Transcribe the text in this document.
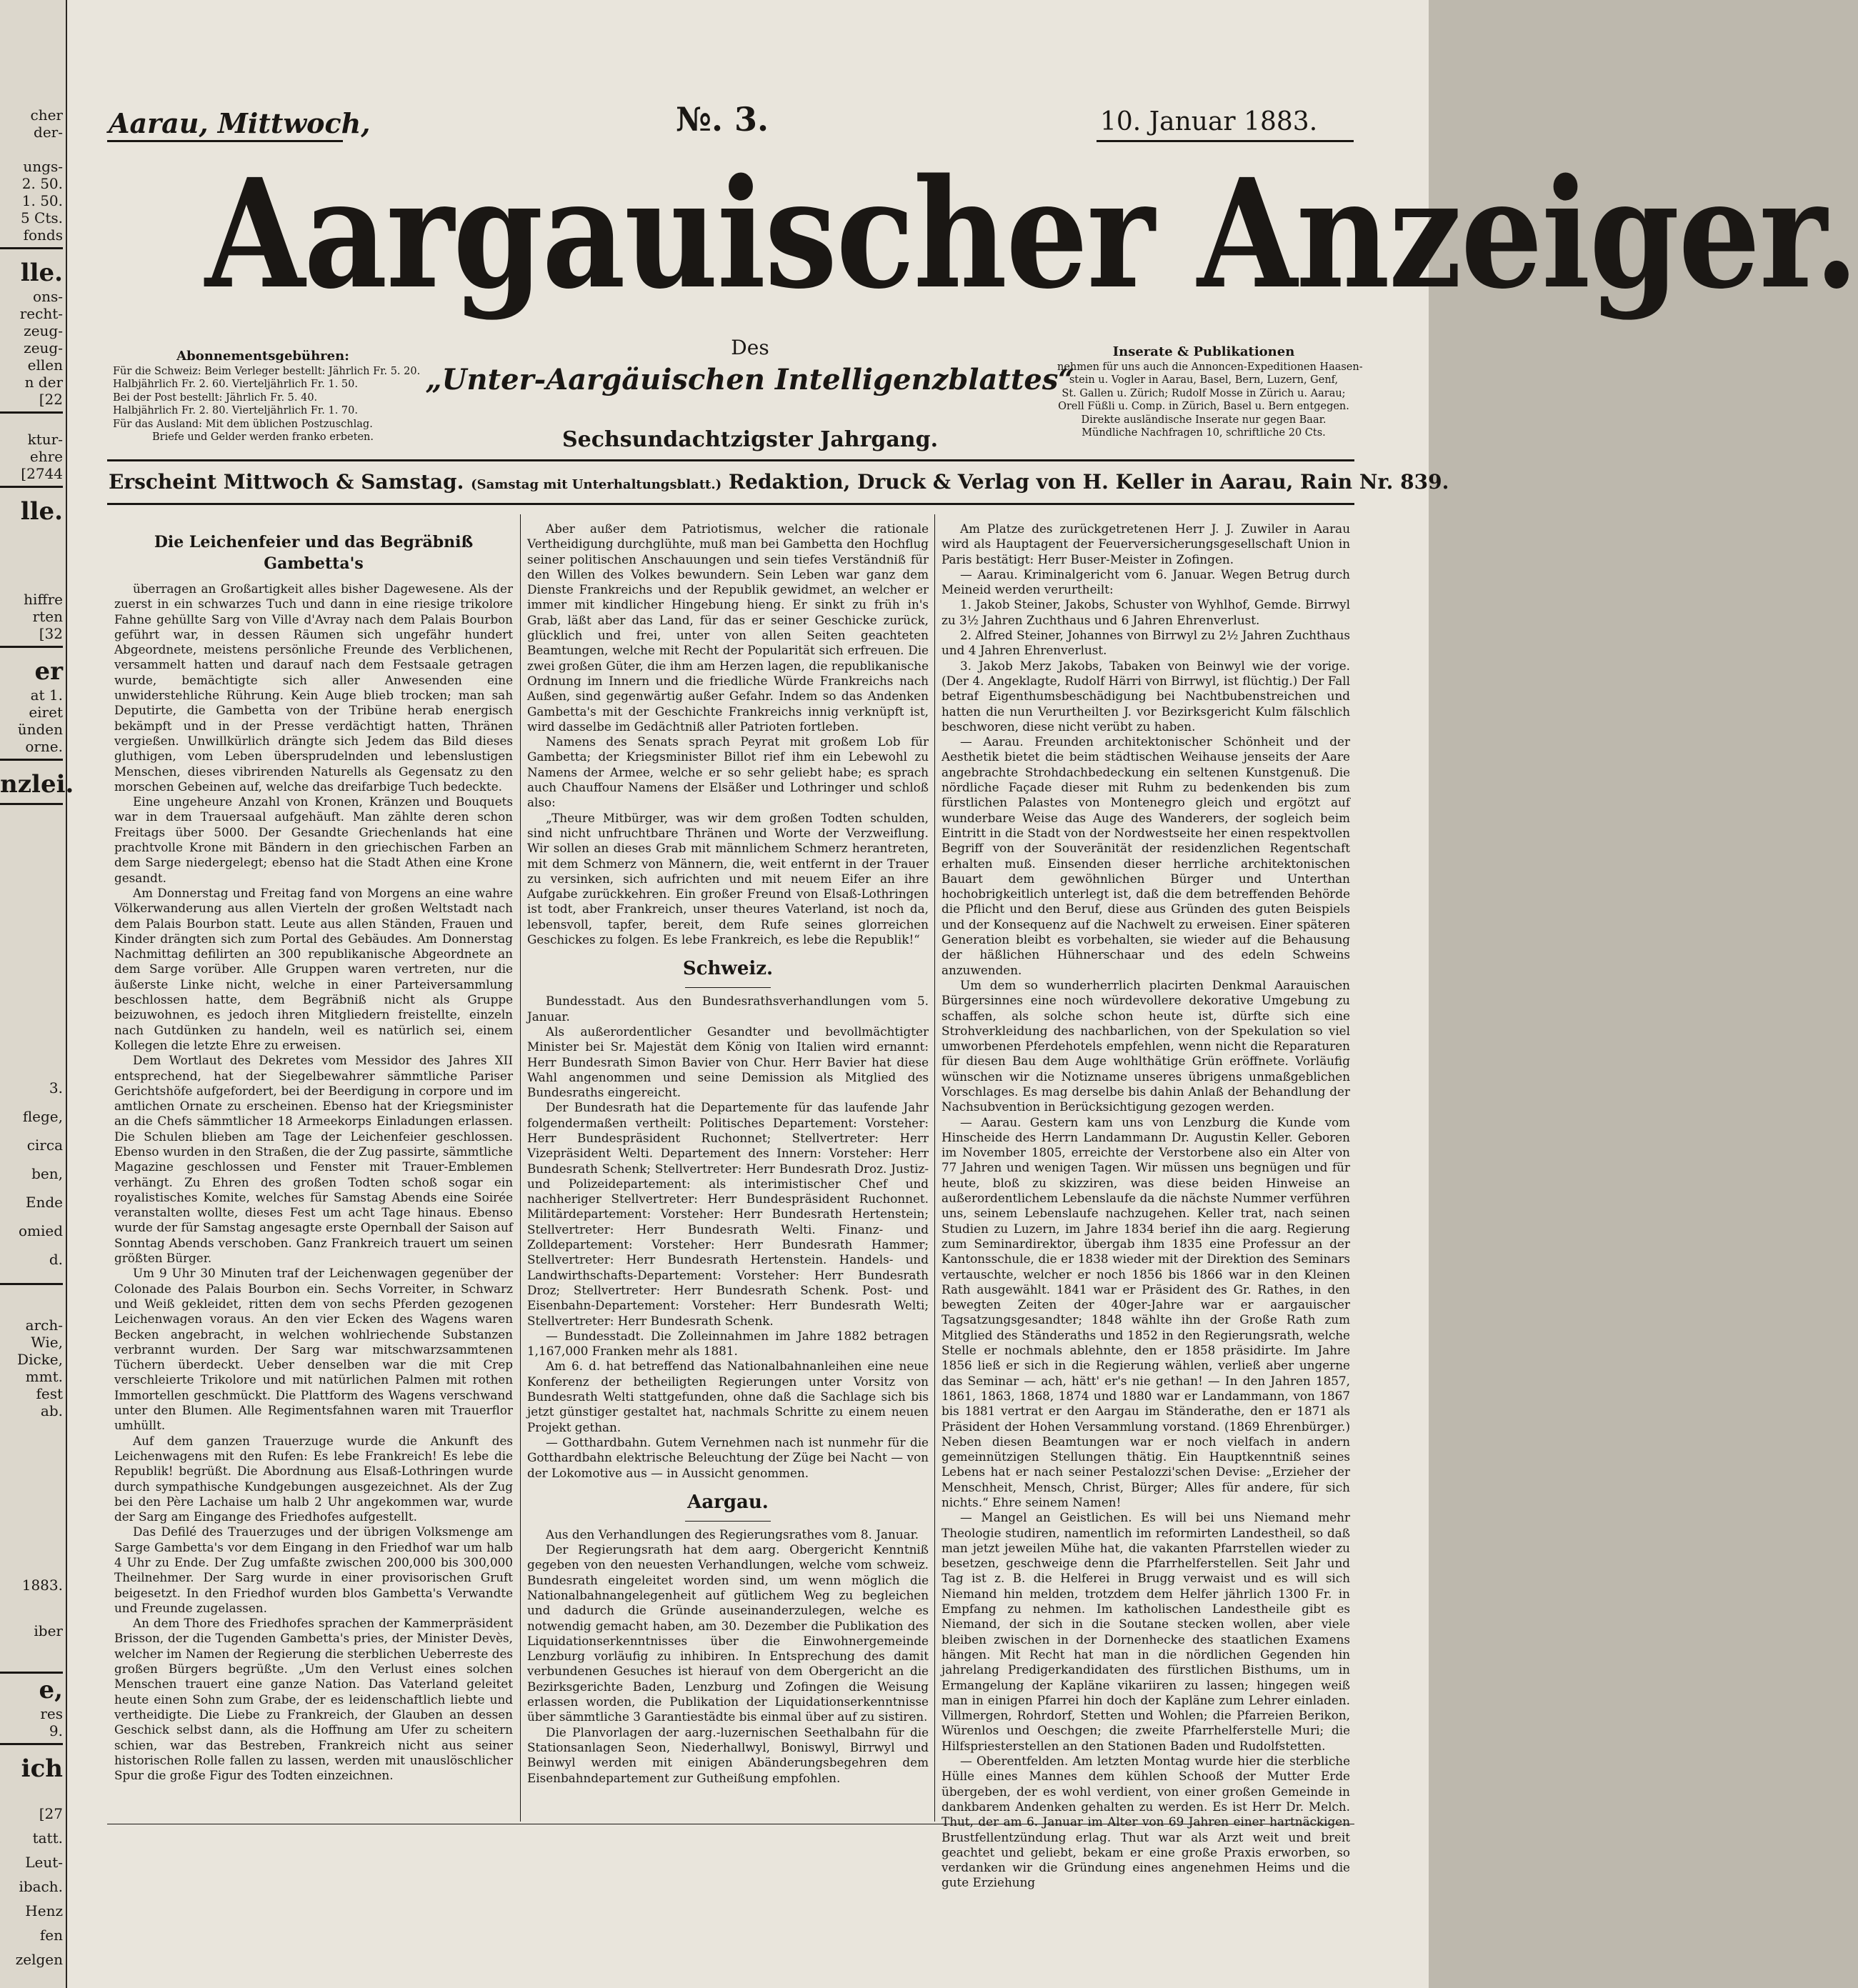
cher
der-
ungs-
2. 50.
1. 50.
5 Cts.
fonds
lle.
ons-
recht-
zeug-
zeug-
ellen
n der
[22
ktur-
ehre
[2744
lle.
hiffre
rten
[32
er
at 1.
eiret
ünden
orne.
nzlei.
3.
flege,
circa
ben,
Ende
omied
d.
arch-
Wie,
Dicke,
mmt.
fest
ab.
1883.
iber
e,
res
9.
ich
[27
tatt.
Leut-
ibach.
Henz
fen
zelgen
Aarau, Mittwoch,	№. 3.	10. Januar 1883.
Aargauischer Anzeiger.
Abonnementsgebühren:
Für die Schweiz: Beim Verleger bestellt: Jährlich Fr. 5. 20.
Halbjährlich Fr. 2. 60. Vierteljährlich Fr. 1. 50.
Bei der Post bestellt: Jährlich Fr. 5. 40.
Halbjährlich Fr. 2. 80. Vierteljährlich Fr. 1. 70.
Für das Ausland: Mit dem üblichen Postzuschlag.
Briefe und Gelder werden franko erbeten.
Des
„Unter-Aargäuischen Intelligenzblattes“
Sechsundachtzigster Jahrgang.
Inserate & Publikationen
nehmen für uns auch die Annoncen-Expeditionen Haasen-
stein u. Vogler in Aarau, Basel, Bern, Luzern, Genf,
St. Gallen u. Zürich; Rudolf Mosse in Zürich u. Aarau;
Orell Füßli u. Comp. in Zürich, Basel u. Bern entgegen.
Direkte ausländische Inserate nur gegen Baar.
Mündliche Nachfragen 10, schriftliche 20 Cts.
Erscheint Mittwoch & Samstag. (Samstag mit Unterhaltungsblatt.) Redaktion, Druck & Verlag von H. Keller in Aarau, Rain Nr. 839.
Die Leichenfeier und das Begräbniß Gambetta's

überragen an Großartigkeit alles bisher Dagewesene. Als der zuerst in ein schwarzes Tuch und dann in eine riesige trikolore Fahne gehüllte Sarg von Ville d'Avray nach dem Palais Bourbon geführt war, in dessen Räumen sich ungefähr hundert Abgeordnete, meistens persönliche Freunde des Verblichenen, versammelt hatten und darauf nach dem Festsaale getragen wurde, bemächtigte sich aller Anwesenden eine unwiderstehliche Rührung. Kein Auge blieb trocken; man sah Deputirte, die Gambetta von der Tribüne herab energisch bekämpft und in der Presse verdächtigt hatten, Thränen vergießen. Unwillkürlich drängte sich Jedem das Bild dieses gluthigen, vom Leben übersprudelnden und lebenslustigen Menschen, dieses vibrirenden Naturells als Gegensatz zu den morschen Gebeinen auf, welche das dreifarbige Tuch bedeckte.

Eine ungeheure Anzahl von Kronen, Kränzen und Bouquets war in dem Trauersaal aufgehäuft. Man zählte deren schon Freitags über 5000. Der Gesandte Griechenlands hat eine prachtvolle Krone mit Bändern in den griechischen Farben an dem Sarge niedergelegt; ebenso hat die Stadt Athen eine Krone gesandt.

Am Donnerstag und Freitag fand von Morgens an eine wahre Völkerwanderung aus allen Vierteln der großen Weltstadt nach dem Palais Bourbon statt. Leute aus allen Ständen, Frauen und Kinder drängten sich zum Portal des Gebäudes. Am Donnerstag Nachmittag defilirten an 300 republikanische Abgeordnete an dem Sarge vorüber. Alle Gruppen waren vertreten, nur die äußerste Linke nicht, welche in einer Parteiversammlung beschlossen hatte, dem Begräbniß nicht als Gruppe beizuwohnen, es jedoch ihren Mitgliedern freistellte, einzeln nach Gutdünken zu handeln, weil es natürlich sei, einem Kollegen die letzte Ehre zu erweisen.

Dem Wortlaut des Dekretes vom Messidor des Jahres XII entsprechend, hat der Siegelbewahrer sämmtliche Pariser Gerichtshöfe aufgefordert, bei der Beerdigung in corpore und im amtlichen Ornate zu erscheinen. Ebenso hat der Kriegsminister an die Chefs sämmtlicher 18 Armeekorps Einladungen erlassen. Die Schulen blieben am Tage der Leichenfeier geschlossen. Ebenso wurden in den Straßen, die der Zug passirte, sämmtliche Magazine geschlossen und Fenster mit Trauer-Emblemen verhängt. Zu Ehren des großen Todten schoß sogar ein royalistisches Komite, welches für Samstag Abends eine Soirée veranstalten wollte, dieses Fest um acht Tage hinaus. Ebenso wurde der für Samstag angesagte erste Opernball der Saison auf Sonntag Abends verschoben. Ganz Frankreich trauert um seinen größten Bürger.

Um 9 Uhr 30 Minuten traf der Leichenwagen gegenüber der Colonade des Palais Bourbon ein. Sechs Vorreiter, in Schwarz und Weiß gekleidet, ritten dem von sechs Pferden gezogenen Leichenwagen voraus. An den vier Ecken des Wagens waren Becken angebracht, in welchen wohlriechende Substanzen verbrannt wurden. Der Sarg war mitschwarzsammtenen Tüchern überdeckt. Ueber denselben war die mit Crep verschleierte Trikolore und mit natürlichen Palmen mit rothen Immortellen geschmückt. Die Plattform des Wagens verschwand unter den Blumen. Alle Regimentsfahnen waren mit Trauerflor umhüllt.

Auf dem ganzen Trauerzuge wurde die Ankunft des Leichenwagens mit den Rufen: Es lebe Frankreich! Es lebe die Republik! begrüßt. Die Abordnung aus Elsaß-Lothringen wurde durch sympathische Kundgebungen ausgezeichnet. Als der Zug bei den Père Lachaise um halb 2 Uhr angekommen war, wurde der Sarg am Eingange des Friedhofes aufgestellt.

Das Defilé des Trauerzuges und der übrigen Volksmenge am Sarge Gambetta's vor dem Eingang in den Friedhof war um halb 4 Uhr zu Ende. Der Zug umfaßte zwischen 200,000 bis 300,000 Theilnehmer. Der Sarg wurde in einer provisorischen Gruft beigesetzt. In den Friedhof wurden blos Gambetta's Verwandte und Freunde zugelassen.

An dem Thore des Friedhofes sprachen der Kammerpräsident Brisson, der die Tugenden Gambetta's pries, der Minister Devès, welcher im Namen der Regierung die sterblichen Ueberreste des großen Bürgers begrüßte. „Um den Verlust eines solchen Menschen trauert eine ganze Nation. Das Vaterland geleitet heute einen Sohn zum Grabe, der es leidenschaftlich liebte und vertheidigte. Die Liebe zu Frankreich, der Glauben an dessen Geschick selbst dann, als die Hoffnung am Ufer zu scheitern schien, war das Bestreben, Frankreich nicht aus seiner historischen Rolle fallen zu lassen, werden mit unauslöschlicher Spur die große Figur des Todten einzeichnen.

Aber außer dem Patriotismus, welcher die rationale Vertheidigung durchglühte, muß man bei Gambetta den Hochflug seiner politischen Anschauungen und sein tiefes Verständniß für den Willen des Volkes bewundern. Sein Leben war ganz dem Dienste Frankreichs und der Republik gewidmet, an welcher er immer mit kindlicher Hingebung hieng. Er sinkt zu früh in's Grab, läßt aber das Land, für das er seiner Geschicke zurück, glücklich und frei, unter von allen Seiten geachteten Beamtungen, welche mit Recht der Popularität sich erfreuen. Die zwei großen Güter, die ihm am Herzen lagen, die republikanische Ordnung im Innern und die friedliche Würde Frankreichs nach Außen, sind gegenwärtig außer Gefahr. Indem so das Andenken Gambetta's mit der Geschichte Frankreichs innig verknüpft ist, wird dasselbe im Gedächtniß aller Patrioten fortleben.

Namens des Senats sprach Peyrat mit großem Lob für Gambetta; der Kriegsminister Billot rief ihm ein Lebewohl zu Namens der Armee, welche er so sehr geliebt habe; es sprach auch Chauffour Namens der Elsäßer und Lothringer und schloß also:

„Theure Mitbürger, was wir dem großen Todten schulden, sind nicht unfruchtbare Thränen und Worte der Verzweiflung. Wir sollen an dieses Grab mit männlichem Schmerz herantreten, mit dem Schmerz von Männern, die, weit entfernt in der Trauer zu versinken, sich aufrichten und mit neuem Eifer an ihre Aufgabe zurückkehren. Ein großer Freund von Elsaß-Lothringen ist todt, aber Frankreich, unser theures Vaterland, ist noch da, lebensvoll, tapfer, bereit, dem Rufe seines glorreichen Geschickes zu folgen. Es lebe Frankreich, es lebe die Republik!“

Schweiz.

Bundesstadt. Aus den Bundesrathsverhandlungen vom 5. Januar.

Als außerordentlicher Gesandter und bevollmächtigter Minister bei Sr. Majestät dem König von Italien wird ernannt: Herr Bundesrath Simon Bavier von Chur. Herr Bavier hat diese Wahl angenommen und seine Demission als Mitglied des Bundesraths eingereicht.

Der Bundesrath hat die Departemente für das laufende Jahr folgendermaßen vertheilt: Politisches Departement: Vorsteher: Herr Bundespräsident Ruchonnet; Stellvertreter: Herr Vizepräsident Welti. Departement des Innern: Vorsteher: Herr Bundesrath Schenk; Stellvertreter: Herr Bundesrath Droz. Justiz- und Polizeidepartement: als interimistischer Chef und nachheriger Stellvertreter: Herr Bundespräsident Ruchonnet. Militärdepartement: Vorsteher: Herr Bundesrath Hertenstein; Stellvertreter: Herr Bundesrath Welti. Finanz- und Zolldepartement: Vorsteher: Herr Bundesrath Hammer; Stellvertreter: Herr Bundesrath Hertenstein. Handels- und Landwirthschafts-Departement: Vorsteher: Herr Bundesrath Droz; Stellvertreter: Herr Bundesrath Schenk. Post- und Eisenbahn-Departement: Vorsteher: Herr Bundesrath Welti; Stellvertreter: Herr Bundesrath Schenk.

— Bundesstadt. Die Zolleinnahmen im Jahre 1882 betragen 1,167,000 Franken mehr als 1881.

Am 6. d. hat betreffend das Nationalbahnanleihen eine neue Konferenz der betheiligten Regierungen unter Vorsitz von Bundesrath Welti stattgefunden, ohne daß die Sachlage sich bis jetzt günstiger gestaltet hat, nachmals Schritte zu einem neuen Projekt gethan.

— Gotthardbahn. Gutem Vernehmen nach ist nunmehr für die Gotthardbahn elektrische Beleuchtung der Züge bei Nacht — von der Lokomotive aus — in Aussicht genommen.

Aargau.

Aus den Verhandlungen des Regierungsrathes vom 8. Januar.

Der Regierungsrath hat dem aarg. Obergericht Kenntniß gegeben von den neuesten Verhandlungen, welche vom schweiz. Bundesrath eingeleitet worden sind, um wenn möglich die Nationalbahnangelegenheit auf gütlichem Weg zu begleichen und dadurch die Gründe auseinanderzulegen, welche es notwendig gemacht haben, am 30. Dezember die Publikation des Liquidationserkenntnisses über die Einwohnergemeinde Lenzburg vorläufig zu inhibiren. In Entsprechung des damit verbundenen Gesuches ist hierauf von dem Obergericht an die Bezirksgerichte Baden, Lenzburg und Zofingen die Weisung erlassen worden, die Publikation der Liquidationserkenntnisse über sämmtliche 3 Garantiestädte bis einmal über auf zu sistiren.

Die Planvorlagen der aarg.-luzernischen Seethalbahn für die Stationsanlagen Seon, Niederhallwyl, Boniswyl, Birrwyl und Beinwyl werden mit einigen Abänderungsbegehren dem Eisenbahndepartement zur Gutheißung empfohlen.

Am Platze des zurückgetretenen Herr J. J. Zuwiler in Aarau wird als Hauptagent der Feuerversicherungsgesellschaft Union in Paris bestätigt: Herr Buser-Meister in Zofingen.

— Aarau. Kriminalgericht vom 6. Januar. Wegen Betrug durch Meineid werden verurtheilt:

1. Jakob Steiner, Jakobs, Schuster von Wyhlhof, Gemde. Birrwyl zu 3½ Jahren Zuchthaus und 6 Jahren Ehrenverlust.

2. Alfred Steiner, Johannes von Birrwyl zu 2½ Jahren Zuchthaus und 4 Jahren Ehrenverlust.

3. Jakob Merz Jakobs, Tabaken von Beinwyl wie der vorige. (Der 4. Angeklagte, Rudolf Härri von Birrwyl, ist flüchtig.) Der Fall betraf Eigenthumsbeschädigung bei Nachtbubenstreichen und hatten die nun Verurtheilten J. vor Bezirksgericht Kulm fälschlich beschworen, diese nicht verübt zu haben.

— Aarau. Freunden architektonischer Schönheit und der Aesthetik bietet die beim städtischen Weihause jenseits der Aare angebrachte Strohdachbedeckung ein seltenen Kunstgenuß. Die nördliche Façade dieser mit Ruhm zu bedenkenden bis zum fürstlichen Palastes von Montenegro gleich und ergötzt auf wunderbare Weise das Auge des Wanderers, der sogleich beim Eintritt in die Stadt von der Nordwestseite her einen respektvollen Begriff von der Souveränität der residenzlichen Regentschaft erhalten muß. Einsenden dieser herrliche architektonischen Bauart dem gewöhnlichen Bürger und Unterthan hochobrigkeitlich unterlegt ist, daß die dem betreffenden Behörde die Pflicht und den Beruf, diese aus Gründen des guten Beispiels und der Konsequenz auf die Nachwelt zu erweisen. Einer späteren Generation bleibt es vorbehalten, sie wieder auf die Behausung der häßlichen Hühnerschaar und des edeln Schweins anzuwenden.

Um dem so wunderherrlich placirten Denkmal Aarauischen Bürgersinnes eine noch würdevollere dekorative Umgebung zu schaffen, als solche schon heute ist, dürfte sich eine Strohverkleidung des nachbarlichen, von der Spekulation so viel umworbenen Pferdehotels empfehlen, wenn nicht die Reparaturen für diesen Bau dem Auge wohlthätige Grün eröffnete. Vorläufig wünschen wir die Notizname unseres übrigens unmaßgeblichen Vorschlages. Es mag derselbe bis dahin Anlaß der Behandlung der Nachsubvention in Berücksichtigung gezogen werden.

— Aarau. Gestern kam uns von Lenzburg die Kunde vom Hinscheide des Herrn Landammann Dr. Augustin Keller. Geboren im November 1805, erreichte der Verstorbene also ein Alter von 77 Jahren und wenigen Tagen. Wir müssen uns begnügen und für heute, bloß zu skizziren, was diese beiden Hinweise an außerordentlichem Lebenslaufe da die nächste Nummer verführen uns, seinem Lebenslaufe nachzugehen. Keller trat, nach seinen Studien zu Luzern, im Jahre 1834 berief ihn die aarg. Regierung zum Seminardirektor, übergab ihm 1835 eine Professur an der Kantonsschule, die er 1838 wieder mit der Direktion des Seminars vertauschte, welcher er noch 1856 bis 1866 war in den Kleinen Rath ausgewählt. 1841 war er Präsident des Gr. Rathes, in den bewegten Zeiten der 40ger-Jahre war er aargauischer Tagsatzungsgesandter; 1848 wählte ihn der Große Rath zum Mitglied des Ständeraths und 1852 in den Regierungsrath, welche Stelle er nochmals ablehnte, den er 1858 präsidirte. Im Jahre 1856 ließ er sich in die Regierung wählen, verließ aber ungerne das Seminar — ach, hätt' er's nie gethan! — In den Jahren 1857, 1861, 1863, 1868, 1874 und 1880 war er Landammann, von 1867 bis 1881 vertrat er den Aargau im Ständerathe, den er 1871 als Präsident der Hohen Versammlung vorstand. (1869 Ehrenbürger.) Neben diesen Beamtungen war er noch vielfach in andern gemeinnützigen Stellungen thätig. Ein Hauptkenntniß seines Lebens hat er nach seiner Pestalozzi'schen Devise: „Erzieher der Menschheit, Mensch, Christ, Bürger; Alles für andere, für sich nichts.“ Ehre seinem Namen!

— Mangel an Geistlichen. Es will bei uns Niemand mehr Theologie studiren, namentlich im reformirten Landestheil, so daß man jetzt jeweilen Mühe hat, die vakanten Pfarrstellen wieder zu besetzen, geschweige denn die Pfarrhelferstellen. Seit Jahr und Tag ist z. B. die Helferei in Brugg verwaist und es will sich Niemand hin melden, trotzdem dem Helfer jährlich 1300 Fr. in Empfang zu nehmen. Im katholischen Landestheile gibt es Niemand, der sich in die Soutane stecken wollen, aber viele bleiben zwischen in der Dornenhecke des staatlichen Examens hängen. Mit Recht hat man in die nördlichen Gegenden hin jahrelang Predigerkandidaten des fürstlichen Bisthums, um in Ermangelung der Kapläne vikariiren zu lassen; hingegen weiß man in einigen Pfarrei hin doch der Kapläne zum Lehrer einladen. Villmergen, Rohrdorf, Stetten und Wohlen; die Pfarreien Berikon, Würenlos und Oeschgen; die zweite Pfarrhelferstelle Muri; die Hilfspriesterstellen an den Stationen Baden und Rudolfstetten.

— Oberentfelden. Am letzten Montag wurde hier die sterbliche Hülle eines Mannes dem kühlen Schooß der Mutter Erde übergeben, der es wohl verdient, von einer großen Gemeinde in dankbarem Andenken gehalten zu werden. Es ist Herr Dr. Melch. Thut, der am 6. Januar im Alter von 69 Jahren einer hartnäckigen Brustfellentzündung erlag. Thut war als Arzt weit und breit geachtet und geliebt, bekam er eine große Praxis erworben, so verdanken wir die Gründung eines angenehmen Heims und die gute Erziehung
